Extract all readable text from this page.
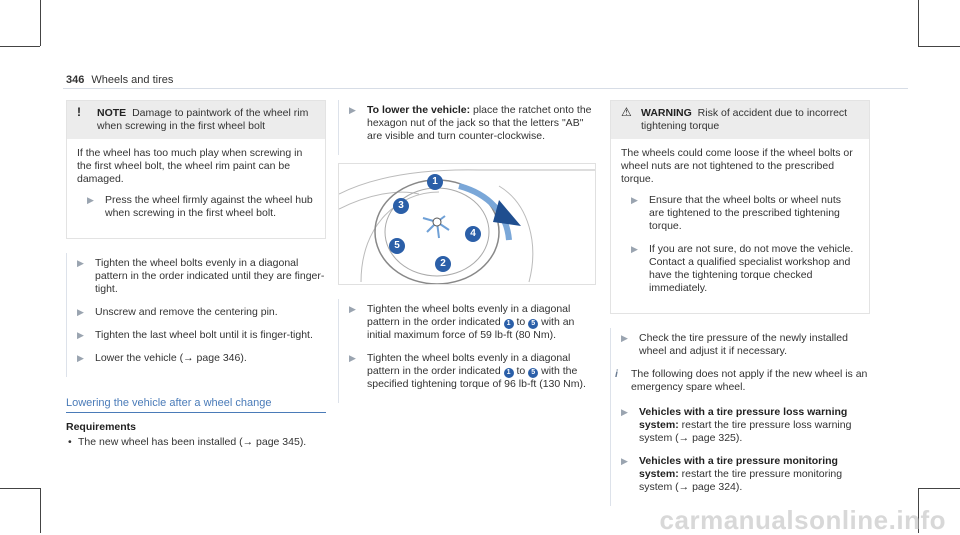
346 Wheels and tires
! NOTE Damage to paintwork of the wheel rim when screwing in the first wheel bolt

If the wheel has too much play when screwing in the first wheel bolt, the wheel rim paint can be damaged.

▶ Press the wheel firmly against the wheel hub when screwing in the first wheel bolt.
▶ Tighten the wheel bolts evenly in a diagonal pattern in the order indicated until they are finger-tight.
▶ Unscrew and remove the centering pin.
▶ Tighten the last wheel bolt until it is finger-tight.
▶ Lower the vehicle (→ page 346).
Lowering the vehicle after a wheel change
Requirements
• The new wheel has been installed (→ page 345).
▶ To lower the vehicle: place the ratchet onto the hexagon nut of the jack so that the letters "AB" are visible and turn counter-clockwise.
1
2
3
4
5
▶ Tighten the wheel bolts evenly in a diagonal pattern in the order indicated 1 to 5 with an initial maximum force of 59 lb-ft (80 Nm).
▶ Tighten the wheel bolts evenly in a diagonal pattern in the order indicated 1 to 5 with the specified tightening torque of 96 lb-ft (130 Nm).
⚠ WARNING Risk of accident due to incorrect tightening torque

The wheels could come loose if the wheel bolts or wheel nuts are not tightened to the prescribed torque.

▶ Ensure that the wheel bolts or wheel nuts are tightened to the prescribed tightening torque.
▶ If you are not sure, do not move the vehicle. Contact a qualified specialist workshop and have the tightening torque checked immediately.
▶ Check the tire pressure of the newly installed wheel and adjust it if necessary.
i The following does not apply if the new wheel is an emergency spare wheel.
▶ Vehicles with a tire pressure loss warning system: restart the tire pressure loss warning system (→ page 325).
▶ Vehicles with a tire pressure monitoring system: restart the tire pressure monitoring system (→ page 324).
carmanualsonline.info
